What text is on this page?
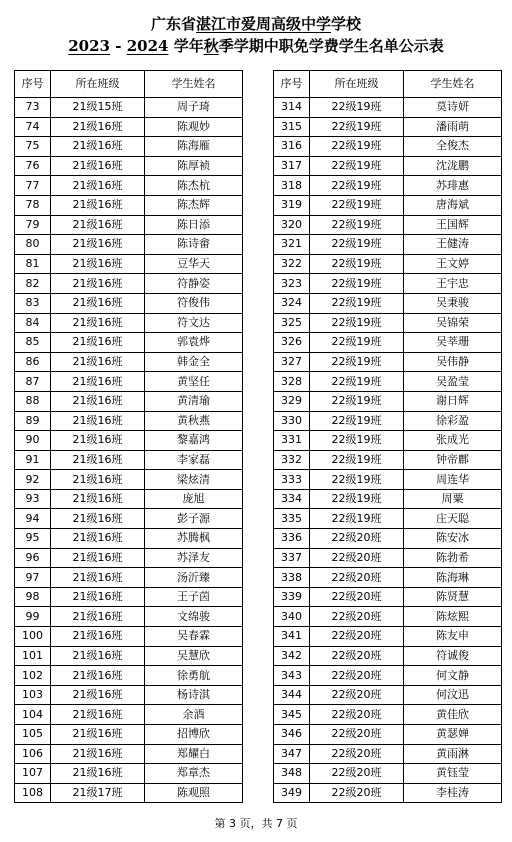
广东省湛江市爱周高级中学学校
2023 - 2024 学年秋季学期中职免学费学生名单公示表
序号	所在班级	学生姓名
73	21级15班	周子琦
74	21级16班	陈观妙
75	21级16班	陈海雁
76	21级16班	陈厚祯
77	21级16班	陈杰杭
78	21级16班	陈杰辉
79	21级16班	陈日添
80	21级16班	陈诗畲
81	21级16班	豆华天
82	21级16班	符静姿
83	21级16班	符俊伟
84	21级16班	符文达
85	21级16班	郭袁烨
86	21级16班	韩金全
87	21级16班	黄坚任
88	21级16班	黄清瑜
89	21级16班	黄秋燕
90	21级16班	黎嘉鸿
91	21级16班	李家磊
92	21级16班	梁炫清
93	21级16班	庞旭
94	21级16班	彭子源
95	21级16班	苏腾枫
96	21级16班	苏泽友
97	21级16班	汤沂臻
98	21级16班	王子茵
99	21级16班	文绵骏
100	21级16班	吴春霖
101	21级16班	吴慧欣
102	21级16班	徐勇航
103	21级16班	杨诗淇
104	21级16班	余酒
105	21级16班	招博欣
106	21级16班	郑耀白
107	21级16班	郑章杰
108	21级17班	陈观照
序号	所在班级	学生姓名
314	22级19班	莫诗妍
315	22级19班	潘雨萌
316	22级19班	全俊杰
317	22级19班	沈泷鹏
318	22级19班	苏琲惠
319	22级19班	唐海斌
320	22级19班	王国辉
321	22级19班	王健涛
322	22级19班	王文婷
323	22级19班	王宇忠
324	22级19班	吴秉骏
325	22级19班	吴锦荣
326	22级19班	吴莘珊
327	22级19班	吴伟静
328	22级19班	吴盈莹
329	22级19班	谢日辉
330	22级19班	徐彩盈
331	22级19班	张成光
332	22级19班	钟帝鄜
333	22级19班	周连华
334	22级19班	周粟
335	22级19班	庄天聪
336	22级20班	陈安冰
337	22级20班	陈勃希
338	22级20班	陈海琳
339	22级20班	陈贤慧
340	22级20班	陈炫熙
341	22级20班	陈友申
342	22级20班	符诚俊
343	22级20班	何文静
344	22级20班	何汶迅
345	22级20班	黄佳欣
346	22级20班	黄瑟婵
347	22级20班	黄雨淋
348	22级20班	黄钰莹
349	22级20班	李桂涛
第 3 页，共 7 页
